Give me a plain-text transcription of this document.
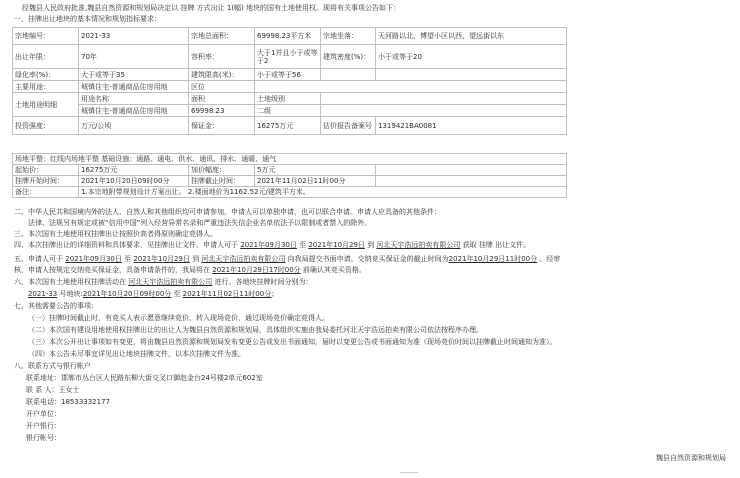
经魏县人民政府批准,魏县自然资源和规划局决定以 挂牌 方式出让 1(幅) 地块的国有土地使用权。现将有关事项公告如下：
一、挂牌出让地块的基本情况和规划指标要求：
宗地编号：	2021-33	宗地总面积：	69998.23平方米	宗地坐落：	天河路以北、博望小区以西、望远街以东
出让年限：	70年	容积率：	大于1并且小于或等于2	建筑密度(%)：	小于或等于20
绿化率(%)：	大于或等于35	建筑限高(米)：	小于或等于56		
主要用途：	城镇住宅-普通商品住房用地	区位			
土地用途明细	用途名称	面积	土地级别		
	城镇住宅-普通商品住房用地	69998.23	二级		
投资强度：	万元/公顷	保证金：	16275万元	估价报告备案号	1319421BA0081
场地平整：红线内场地平整 基础设施：通路、通电、供水、通讯、排水、通暖、通气				
起始价：	16275万元	加价幅度：	5万元	
挂牌开始时间：	2021年10月20日09时00分	挂牌截止时间：	2021年11月02日11时00分	
备注：	1.本宗地附带规划设计方案出让。 2.楼面地价为1162.52元/建筑平方米。			
二、中华人民共和国境内外的法人、自然人和其他组织均可申请参加，申请人可以单独申请，也可以联合申请。申请人应具备的其他条件：
法律、法规另有规定或被“信用中国”列入经营异常名录和严重违法失信企业名单依法予以限制或者禁入的除外。
三、本次国有土地使用权挂牌出让按照价高者得原则确定竞得人。
四、本次挂牌出让的详细资料和具体要求，见挂牌出让文件。申请人可于 2021年09月30日 至 2021年10月29日 到 河北天宇浩远拍卖有限公司 获取 挂牌 出让文件。
五、申请人可于 2021年09月30日 至 2021年10月29日 到 河北天宇浩远拍卖有限公司 向我局提交书面申请。交纳竞买保证金的截止时间为2021年10月29日11时00分 。经审
核，申请人按规定交纳竞买保证金，具备申请条件的，我局将在 2021年10月29日17时00分 前确认其竞买资格。
六、本次国有土地使用权挂牌活动在 河北天宇浩远拍卖有限公司 进行。各地块挂牌时间分别为：
2021-33 号地块:2021年10月20日09时00分 至 2021年11月02日11时00分；
七、其他需要公告的事项:
（一）挂牌时间截止时，有竞买人表示愿意继续竞价，转入现场竞价，通过现场竞价确定竞得人。
（二）本次国有建设用地使用权挂牌出让的出让人为魏县自然资源和规划局，具体组织实施由我局委托河北天宇浩远拍卖有限公司依法按程序办理。
（三）本次公开出让事项如有变更，将由魏县自然资源和规划局发布变更公告或发出书面通知，届时以变更公告或书面通知为准（现场竞价时间以挂牌截止时间通知为准）。
（四）本公告未尽事宜详见出让地块挂牌文件，以本次挂牌文件为准。
八、联系方式与银行帐户
联系地址：邯郸市丛台区人民路东柳大街交叉口御赵金台24号楼2单元602室
联 系 人：王女士
联系电话：18533332177
开户单位：
开户银行：
银行帐号：
魏县自然资源和规划局
